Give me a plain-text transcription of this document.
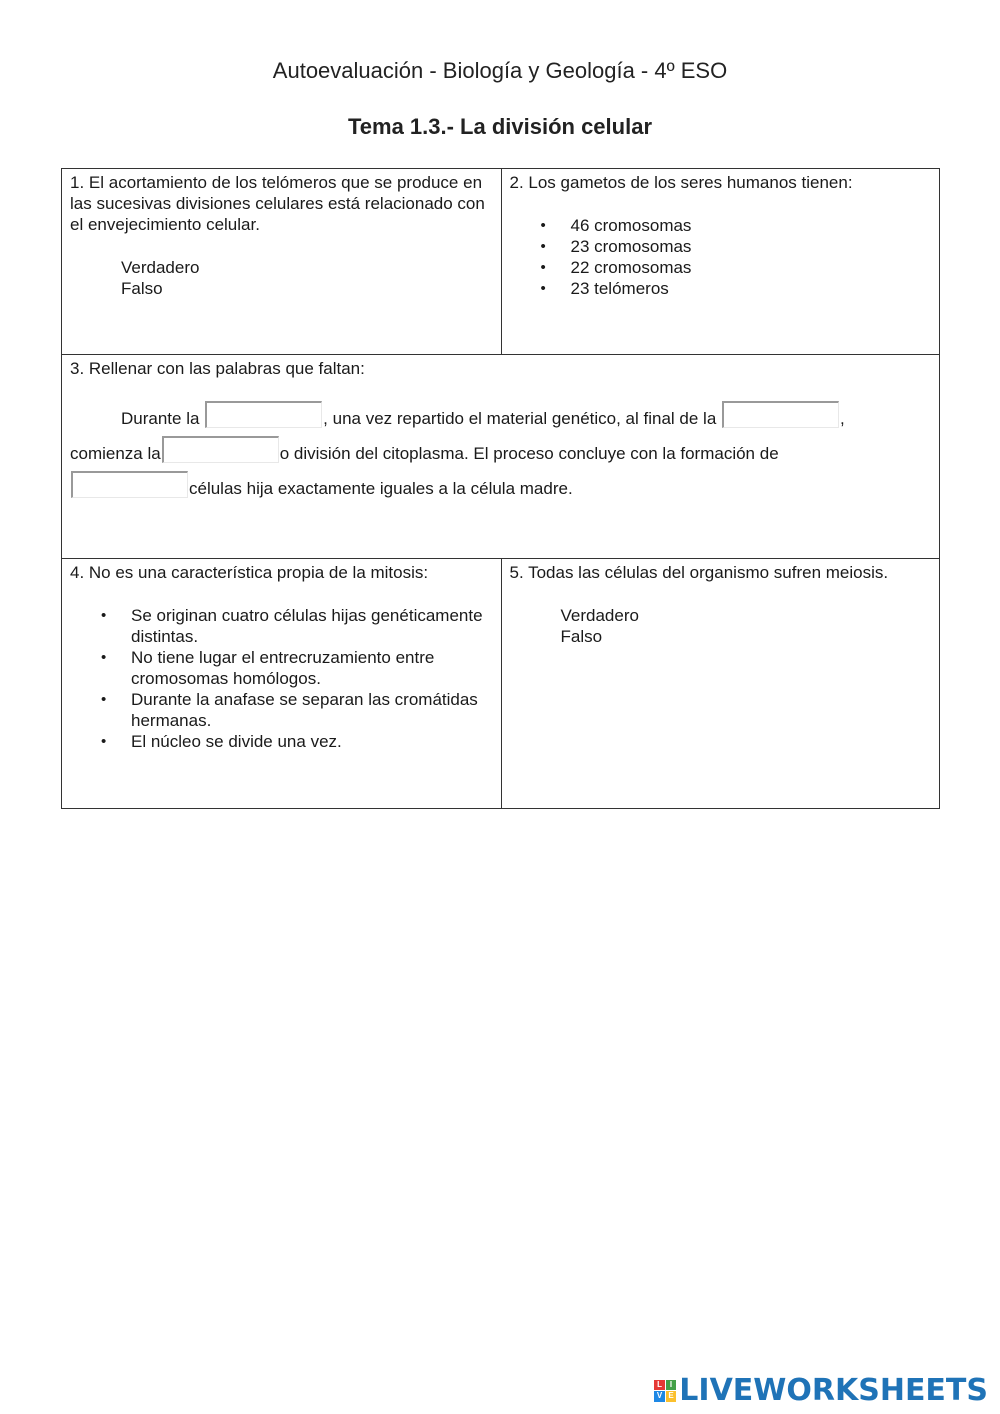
Autoevaluación - Biología y Geología - 4º ESO
Tema 1.3.- La división celular
1. El acortamiento de los telómeros que se produce en las sucesivas divisiones celulares está relacionado con el envejecimiento celular.
Verdadero
Falso
2. Los gametos de los seres humanos tienen:
• 46 cromosomas
• 23 cromosomas
• 22 cromosomas
• 23 telómeros
3. Rellenar con las palabras que faltan:
Durante la	, una vez repartido el material genético, al final de la	,
comienza la	o división del citoplasma. El proceso concluye con la formación de
células hija exactamente iguales a la célula madre.
4. No es una característica propia de la mitosis:
• Se originan cuatro células hijas genéticamente distintas.
• No tiene lugar el entrecruzamiento entre cromosomas homólogos.
• Durante la anafase se separan las cromátidas hermanas.
• El núcleo se divide una vez.
5. Todas las células del organismo sufren meiosis.
Verdadero
Falso
L I
V E LIVEWORKSHEETS
